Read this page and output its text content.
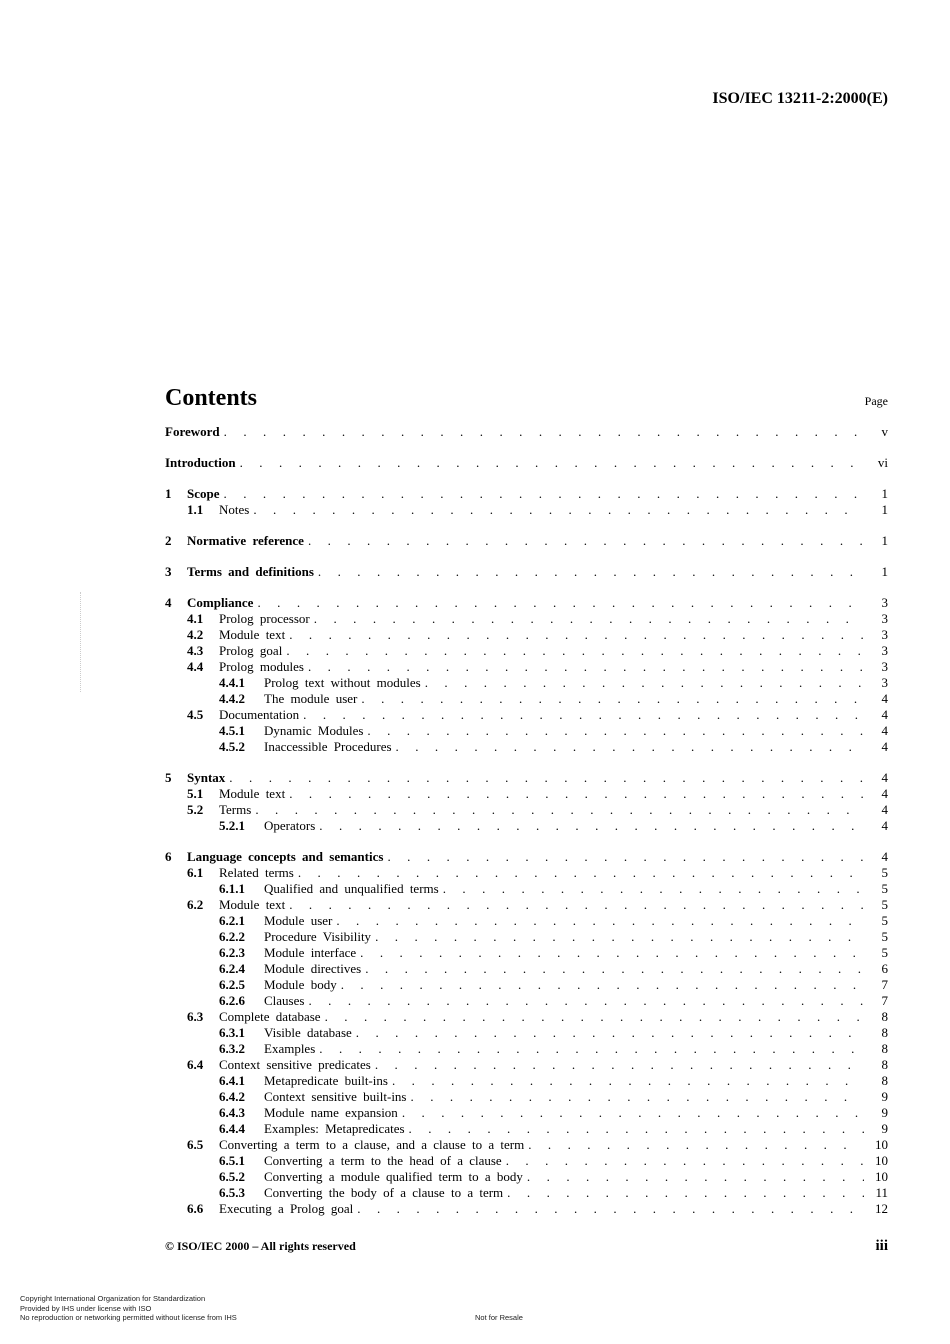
ISO/IEC 13211-2:2000(E)
Contents	Page
Foreword . . .	v
Introduction . . .	vi
1	Scope . . .	1
1.1	Notes . . .	1
2	Normative reference . . .	1
3	Terms and definitions . . .	1
4	Compliance . . .	3
4.1	Prolog processor . . .	3
4.2	Module text . . .	3
4.3	Prolog goal . . .	3
4.4	Prolog modules . . .	3
4.4.1	Prolog text without modules . . .	3
4.4.2	The module user . . .	4
4.5	Documentation . . .	4
4.5.1	Dynamic Modules . . .	4
4.5.2	Inaccessible Procedures . . .	4
5	Syntax . . .	4
5.1	Module text . . .	4
5.2	Terms . . .	4
5.2.1	Operators . . .	4
6	Language concepts and semantics . . .	4
6.1	Related terms . . .	5
6.1.1	Qualified and unqualified terms . . .	5
6.2	Module text . . .	5
6.2.1	Module user . . .	5
6.2.2	Procedure Visibility . . .	5
6.2.3	Module interface . . .	5
6.2.4	Module directives . . .	6
6.2.5	Module body . . .	7
6.2.6	Clauses . . .	7
6.3	Complete database . . .	8
6.3.1	Visible database . . .	8
6.3.2	Examples . . .	8
6.4	Context sensitive predicates . . .	8
6.4.1	Metapredicate built-ins . . .	8
6.4.2	Context sensitive built-ins . . .	9
6.4.3	Module name expansion . . .	9
6.4.4	Examples: Metapredicates . . .	9
6.5	Converting a term to a clause, and a clause to a term . . .	10
6.5.1	Converting a term to the head of a clause . . .	10
6.5.2	Converting a module qualified term to a body . . .	10
6.5.3	Converting the body of a clause to a term . . .	11
6.6	Executing a Prolog goal . . .	12
© ISO/IEC 2000 – All rights reserved	iii
Copyright International Organization for Standardization
Provided by IHS under license with ISO
No reproduction or networking permitted without license from IHS	Not for Resale
